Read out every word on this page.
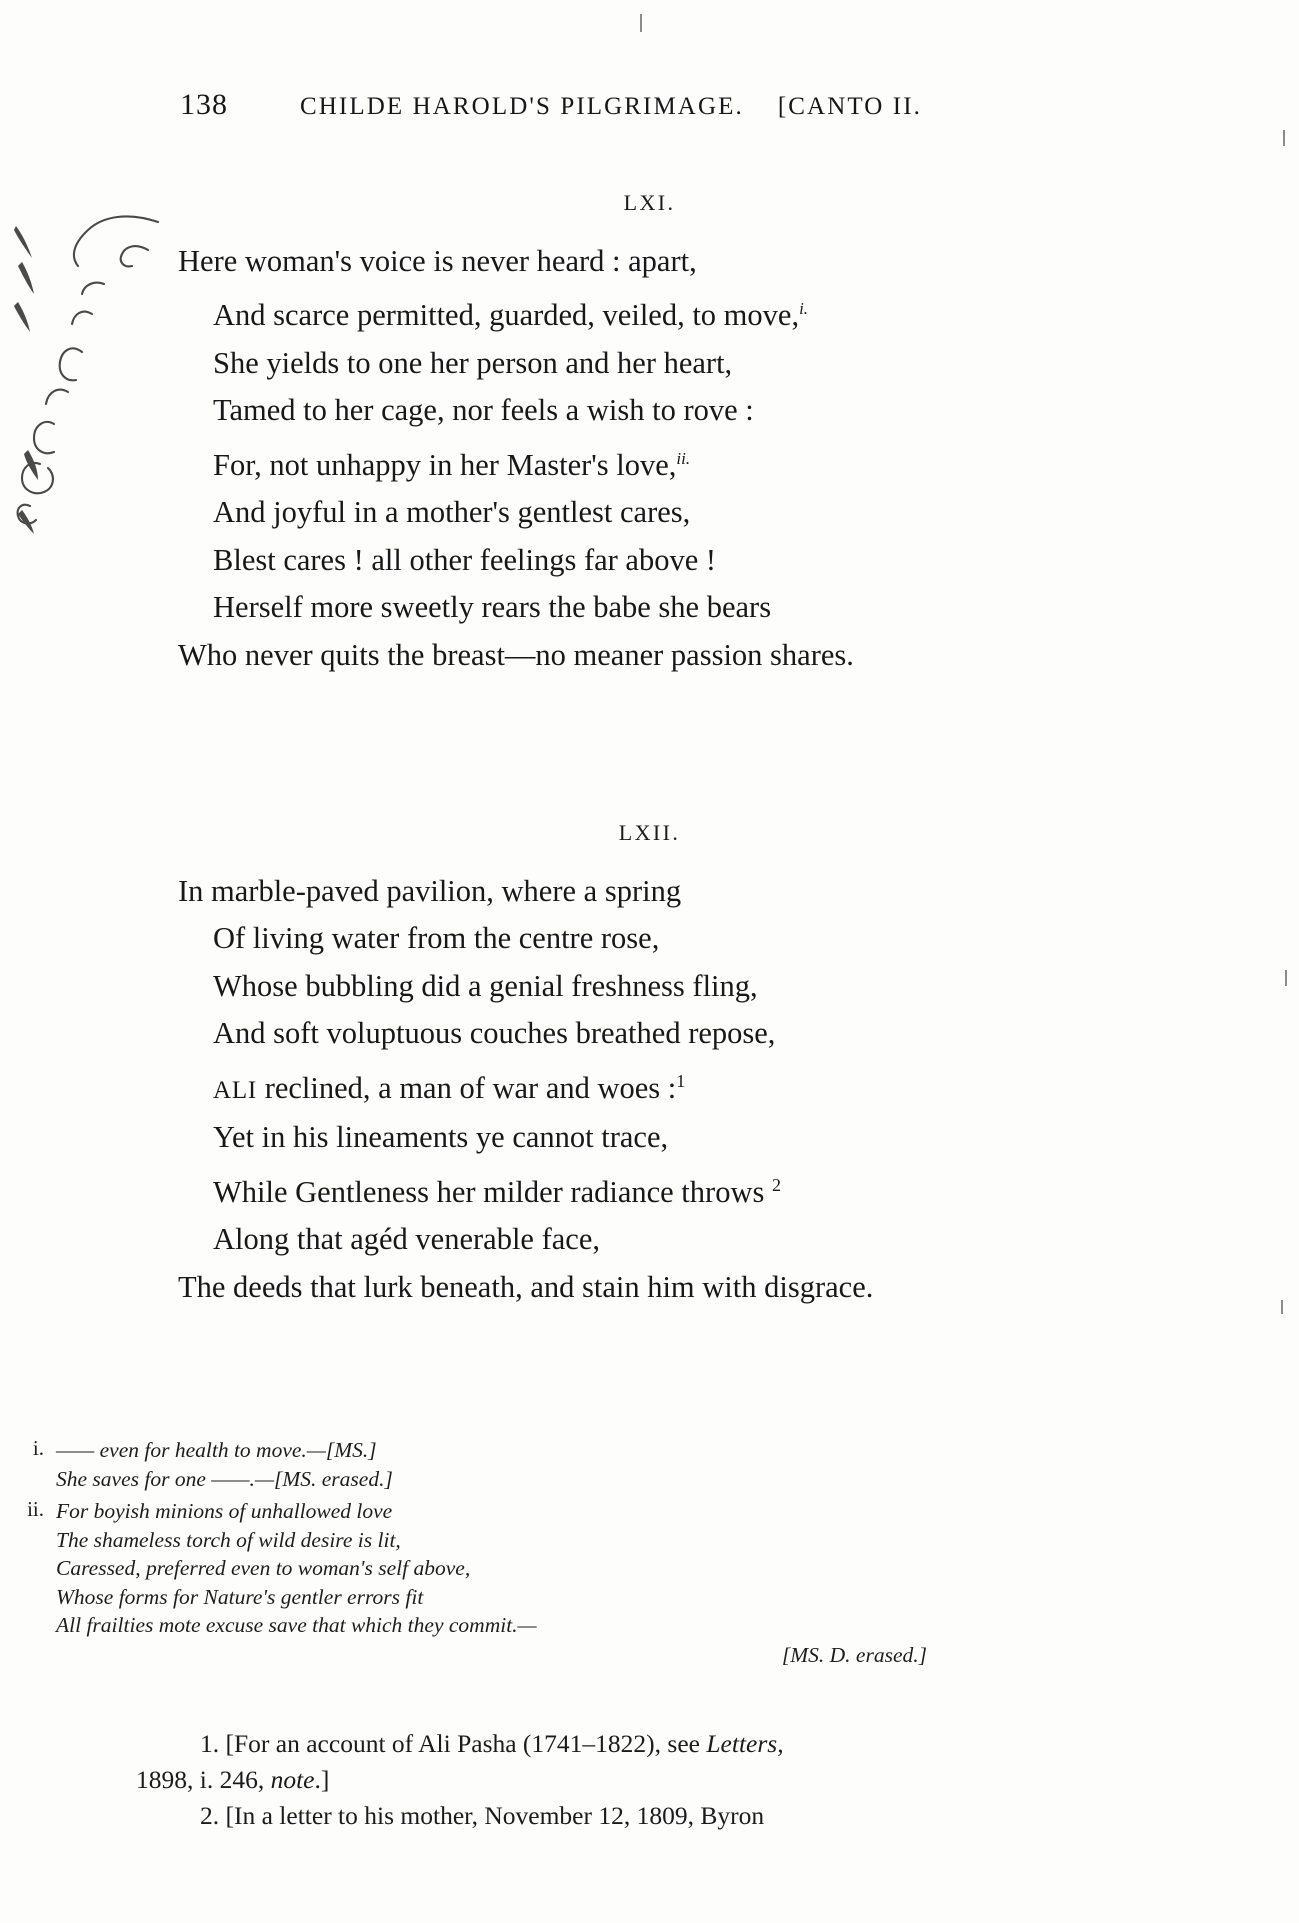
138	CHILDE HAROLD'S PILGRIMAGE. [CANTO II.
LXI.
Here woman's voice is never heard : apart,
And scarce permitted, guarded, veiled, to move,$^{i.}$
She yields to one her person and her heart,
Tamed to her cage, nor feels a wish to rove :
For, not unhappy in her Master's love,$^{ii.}$
And joyful in a mother's gentlest cares,
Blest cares ! all other feelings far above !
Herself more sweetly rears the babe she bears
Who never quits the breast—no meaner passion shares.
LXII.
In marble-paved pavilion, where a spring
Of living water from the centre rose,
Whose bubbling did a genial freshness fling,
And soft voluptuous couches breathed repose,
ALI reclined, a man of war and woes :$^1$
Yet in his lineaments ye cannot trace,
While Gentleness her milder radiance throws $^2$
Along that agéd venerable face,
The deeds that lurk beneath, and stain him with disgrace.
i. —— even for health to move.—[MS.]
She saves for one ——.—[MS. erased.]
ii. For boyish minions of unhallowed love
The shameless torch of wild desire is lit,
Caressed, preferred even to woman's self above,
Whose forms for Nature's gentler errors fit
All frailties mote excuse save that which they commit.—
[MS. D. erased.]
1. [For an account of Ali Pasha (1741–1822), see Letters,
1898, i. 246, note.]
2. [In a letter to his mother, November 12, 1809, Byron
